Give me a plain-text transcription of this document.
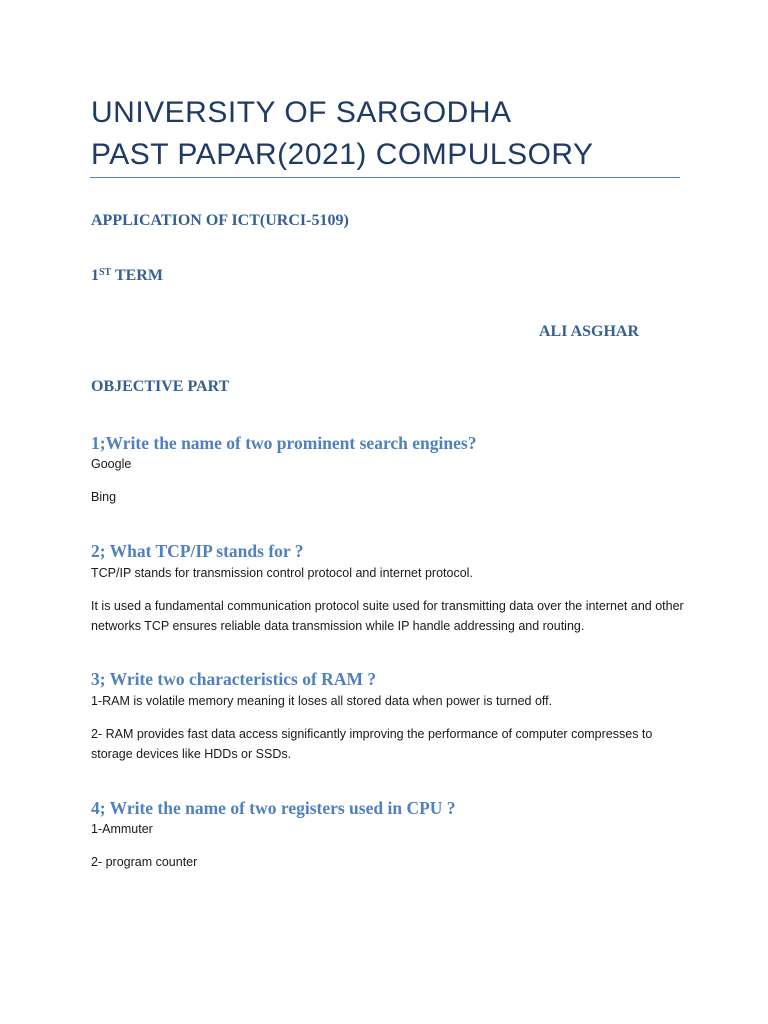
UNIVERSITY OF SARGODHA
PAST PAPAR(2021) COMPULSORY
APPLICATION OF ICT(URCI-5109)
1ST TERM
ALI ASGHAR
OBJECTIVE PART
1;Write the name of two prominent search engines?
Google
Bing
2; What TCP/IP stands for ?
TCP/IP stands for transmission control protocol and internet protocol.
It is used a fundamental communication protocol suite used for transmitting data over the internet and other networks TCP ensures reliable data transmission while IP handle addressing and routing.
3; Write two characteristics of RAM ?
1-RAM is volatile memory meaning it loses all stored data when power is turned off.
2- RAM provides fast data access significantly improving the performance of computer compresses to storage devices like HDDs or SSDs.
4; Write the name of two registers used in CPU ?
1-Ammuter
2- program counter
